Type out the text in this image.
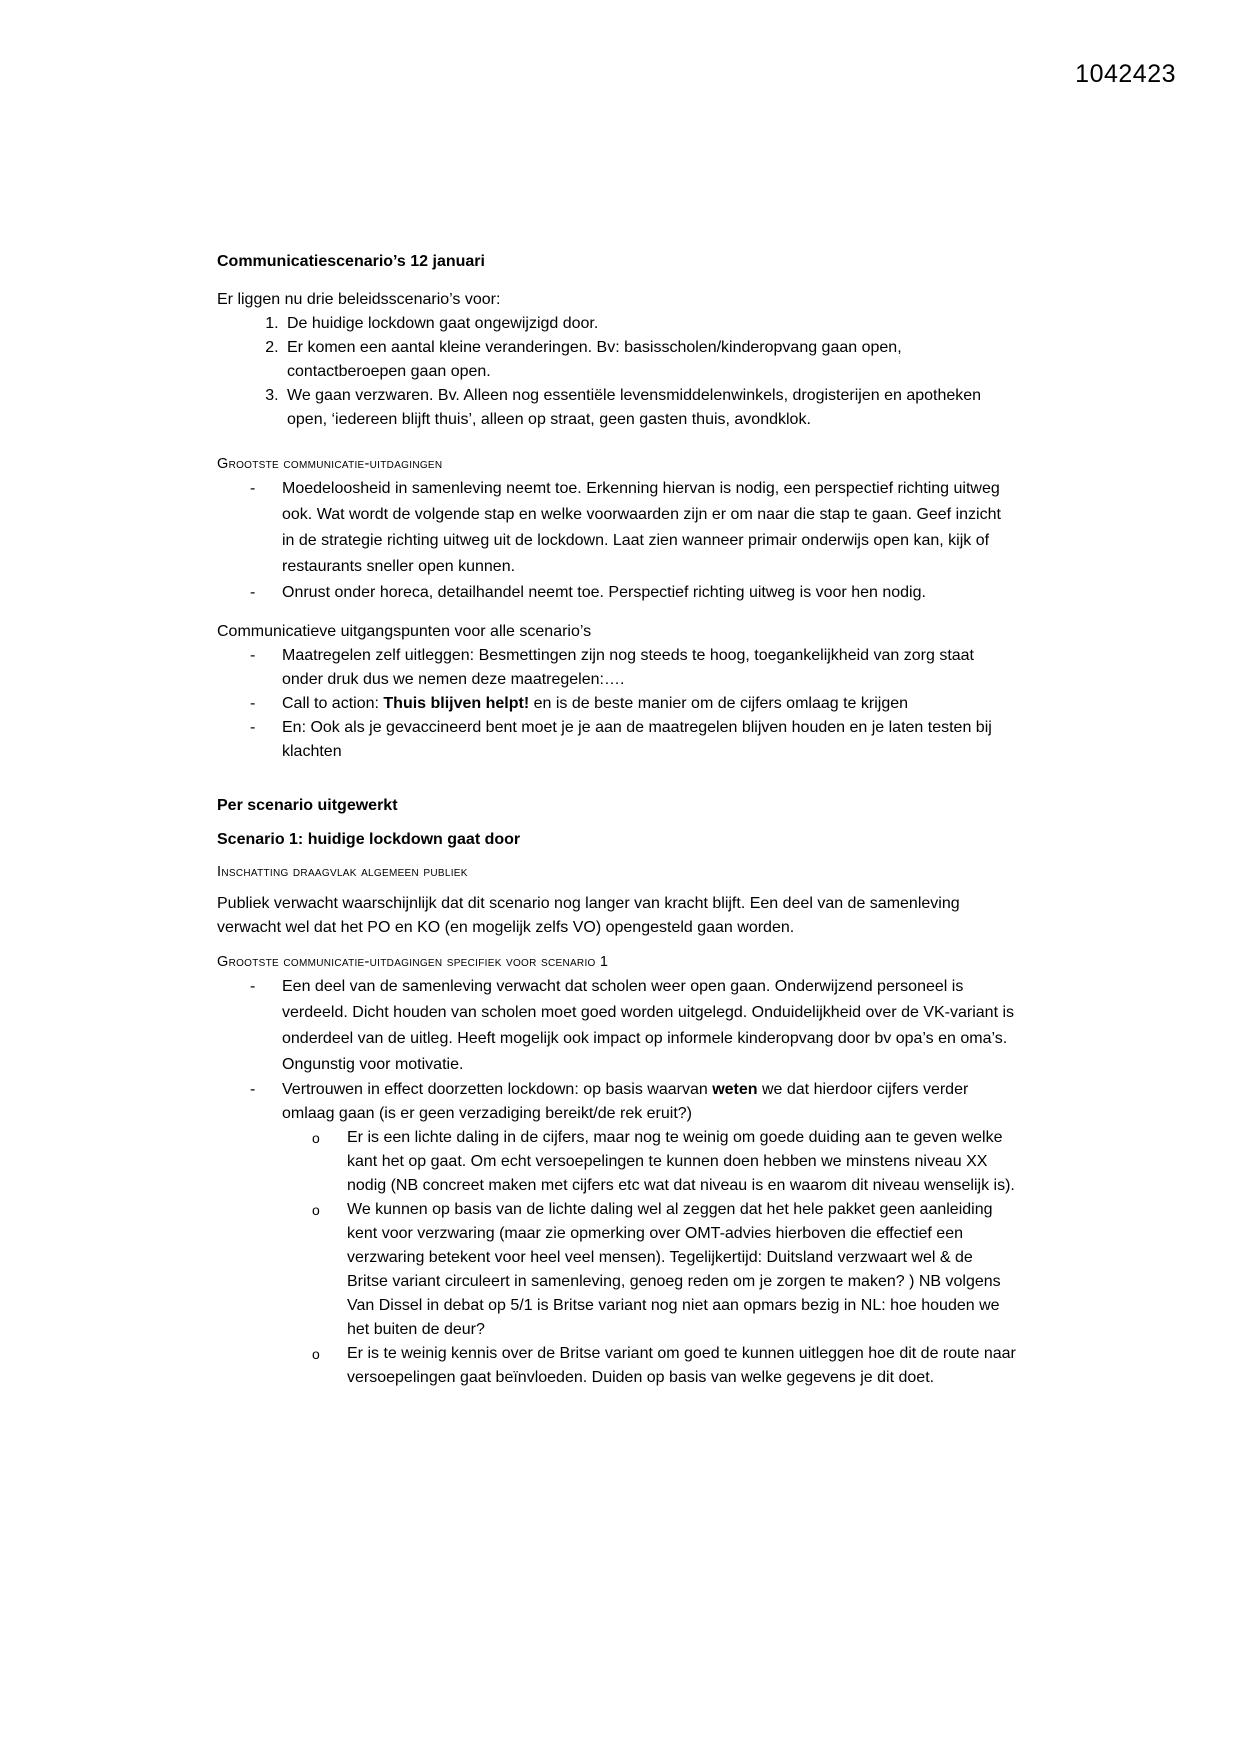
1042423

Communicatiescenario’s 12 januari

Er liggen nu drie beleidsscenario’s voor:

1. De huidige lockdown gaat ongewijzigd door.
2. Er komen een aantal kleine veranderingen. Bv: basisscholen/kinderopvang gaan open, contactberoepen gaan open.
3. We gaan verzwaren. Bv. Alleen nog essentiële levensmiddelenwinkels, drogisterijen en apotheken open, ‘iedereen blijft thuis’, alleen op straat, geen gasten thuis, avondklok.

Grootste communicatie-uitdagingen

- Moedeloosheid in samenleving neemt toe. Erkenning hiervan is nodig, een perspectief richting uitweg ook. Wat wordt de volgende stap en welke voorwaarden zijn er om naar die stap te gaan. Geef inzicht in de strategie richting uitweg uit de lockdown. Laat zien wanneer primair onderwijs open kan, kijk of restaurants sneller open kunnen.
- Onrust onder horeca, detailhandel neemt toe. Perspectief richting uitweg is voor hen nodig.

Communicatieve uitgangspunten voor alle scenario’s

- Maatregelen zelf uitleggen: Besmettingen zijn nog steeds te hoog, toegankelijkheid van zorg staat onder druk dus we nemen deze maatregelen:….
- Call to action: Thuis blijven helpt! en is de beste manier om de cijfers omlaag te krijgen
- En: Ook als je gevaccineerd bent moet je je aan de maatregelen blijven houden en je laten testen bij klachten

Per scenario uitgewerkt

Scenario 1: huidige lockdown gaat door

Inschatting draagvlak algemeen publiek

Publiek verwacht waarschijnlijk dat dit scenario nog langer van kracht blijft. Een deel van de samenleving verwacht wel dat het PO en KO (en mogelijk zelfs VO) opengesteld gaan worden.

Grootste communicatie-uitdagingen specifiek voor scenario 1

- Een deel van de samenleving verwacht dat scholen weer open gaan. Onderwijzend personeel is verdeeld. Dicht houden van scholen moet goed worden uitgelegd. Onduidelijkheid over de VK-variant is onderdeel van de uitleg. Heeft mogelijk ook impact op informele kinderopvang door bv opa’s en oma’s. Ongunstig voor motivatie.
- Vertrouwen in effect doorzetten lockdown: op basis waarvan weten we dat hierdoor cijfers verder omlaag gaan (is er geen verzadiging bereikt/de rek eruit?)
o Er is een lichte daling in de cijfers, maar nog te weinig om goede duiding aan te geven welke kant het op gaat. Om echt versoepelingen te kunnen doen hebben we minstens niveau XX nodig (NB concreet maken met cijfers etc wat dat niveau is en waarom dit niveau wenselijk is).
o We kunnen op basis van de lichte daling wel al zeggen dat het hele pakket geen aanleiding kent voor verzwaring (maar zie opmerking over OMT-advies hierboven die effectief een verzwaring betekent voor heel veel mensen). Tegelijkertijd: Duitsland verzwaart wel & de Britse variant circuleert in samenleving, genoeg reden om je zorgen te maken? ) NB volgens Van Dissel in debat op 5/1 is Britse variant nog niet aan opmars bezig in NL: hoe houden we het buiten de deur?
o Er is te weinig kennis over de Britse variant om goed te kunnen uitleggen hoe dit de route naar versoepelingen gaat beïnvloeden. Duiden op basis van welke gegevens je dit doet.
